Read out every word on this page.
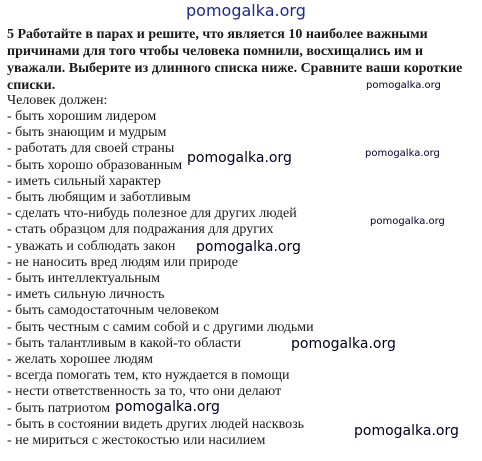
pomogalka.org

5 Работайте в парах и решите, что является 10 наиболее важными причинами для того чтобы человека помнили, восхищались им и уважали. Выберите из длинного списка ниже. Сравните ваши короткие списки.

Человек должен:

- быть хорошим лидером
- быть знающим и мудрым
- работать для своей страны
- быть хорошо образованным
- иметь сильный характер
- быть любящим и заботливым
- сделать что-нибудь полезное для других людей
- стать образцом для подражания для других
- уважать и соблюдать закон
- не наносить вред людям или природе
- быть интеллектуальным
- иметь сильную личность
- быть самодостаточным человеком
- быть честным с самим собой и с другими людьми
- быть талантливым в какой-то области
- желать хорошее людям
- всегда помогать тем, кто нуждается в помощи
- нести ответственность за то, что они делают
- быть патриотом
- быть в состоянии видеть других людей насквозь
- не мириться с жестокостью или насилием
pomogalka.org
pomogalka.org
pomogalka.org
pomogalka.org
pomogalka.org
pomogalka.org
pomogalka.org
pomogalka.org
